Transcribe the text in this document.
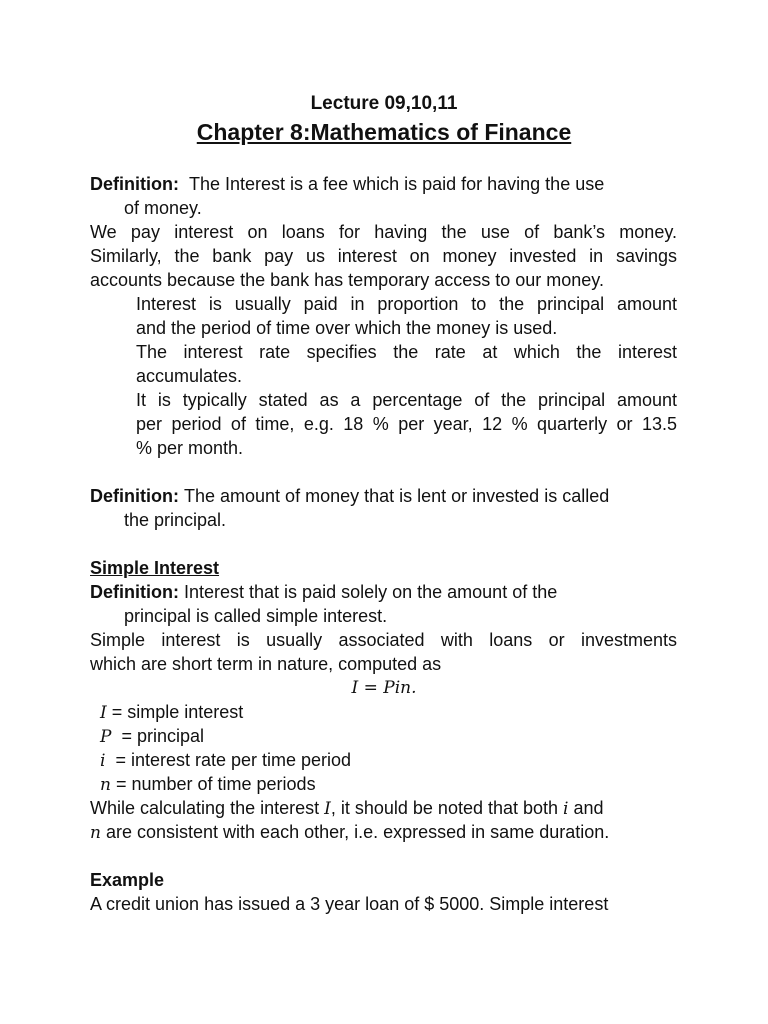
Lecture 09,10,11
Chapter 8:Mathematics of Finance
Definition: The Interest is a fee which is paid for having the use
of money.
We pay interest on loans for having the use of bank’s money.
Similarly, the bank pay us interest on money invested in savings
accounts because the bank has temporary access to our money.
Interest is usually paid in proportion to the principal amount
and the period of time over which the money is used.
The interest rate specifies the rate at which the interest
accumulates.
It is typically stated as a percentage of the principal amount
per period of time, e.g. 18 % per year, 12 % quarterly or 13.5
% per month.
Definition: The amount of money that is lent or invested is called
the principal.
Simple Interest
Definition: Interest that is paid solely on the amount of the
principal is called simple interest.
Simple interest is usually associated with loans or investments
which are short term in nature, computed as
I = Pin.
I = simple interest
P = principal
i = interest rate per time period
n = number of time periods
While calculating the interest I, it should be noted that both i and
n are consistent with each other, i.e. expressed in same duration.
Example
A credit union has issued a 3 year loan of $ 5000. Simple interest
